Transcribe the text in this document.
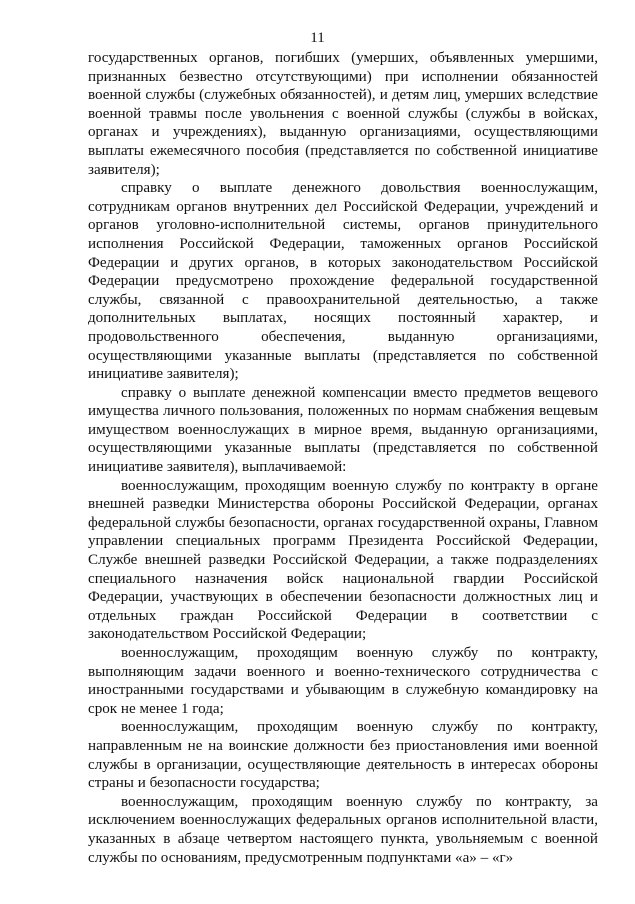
11

государственных органов, погибших (умерших, объявленных умершими, признанных безвестно отсутствующими) при исполнении обязанностей военной службы (служебных обязанностей), и детям лиц, умерших вследствие военной травмы после увольнения с военной службы (службы в войсках, органах и учреждениях), выданную организациями, осуществляющими выплаты ежемесячного пособия (представляется по собственной инициативе заявителя);

справку о выплате денежного довольствия военнослужащим, сотрудникам органов внутренних дел Российской Федерации, учреждений и органов уголовно-исполнительной системы, органов принудительного исполнения Российской Федерации, таможенных органов Российской Федерации и других органов, в которых законодательством Российской Федерации предусмотрено прохождение федеральной государственной службы, связанной с правоохранительной деятельностью, а также дополнительных выплатах, носящих постоянный характер, и продовольственного обеспечения, выданную организациями, осуществляющими указанные выплаты (представляется по собственной инициативе заявителя);

справку о выплате денежной компенсации вместо предметов вещевого имущества личного пользования, положенных по нормам снабжения вещевым имуществом военнослужащих в мирное время, выданную организациями, осуществляющими указанные выплаты (представляется по собственной инициативе заявителя), выплачиваемой:

военнослужащим, проходящим военную службу по контракту в органе внешней разведки Министерства обороны Российской Федерации, органах федеральной службы безопасности, органах государственной охраны, Главном управлении специальных программ Президента Российской Федерации, Службе внешней разведки Российской Федерации, а также подразделениях специального назначения войск национальной гвардии Российской Федерации, участвующих в обеспечении безопасности должностных лиц и отдельных граждан Российской Федерации в соответствии с законодательством Российской Федерации;

военнослужащим, проходящим военную службу по контракту, выполняющим задачи военного и военно-технического сотрудничества с иностранными государствами и убывающим в служебную командировку на срок не менее 1 года;

военнослужащим, проходящим военную службу по контракту, направленным не на воинские должности без приостановления ими военной службы в организации, осуществляющие деятельность в интересах обороны страны и безопасности государства;

военнослужащим, проходящим военную службу по контракту, за исключением военнослужащих федеральных органов исполнительной власти, указанных в абзаце четвертом настоящего пункта, увольняемым с военной службы по основаниям, предусмотренным подпунктами «а» – «г»
